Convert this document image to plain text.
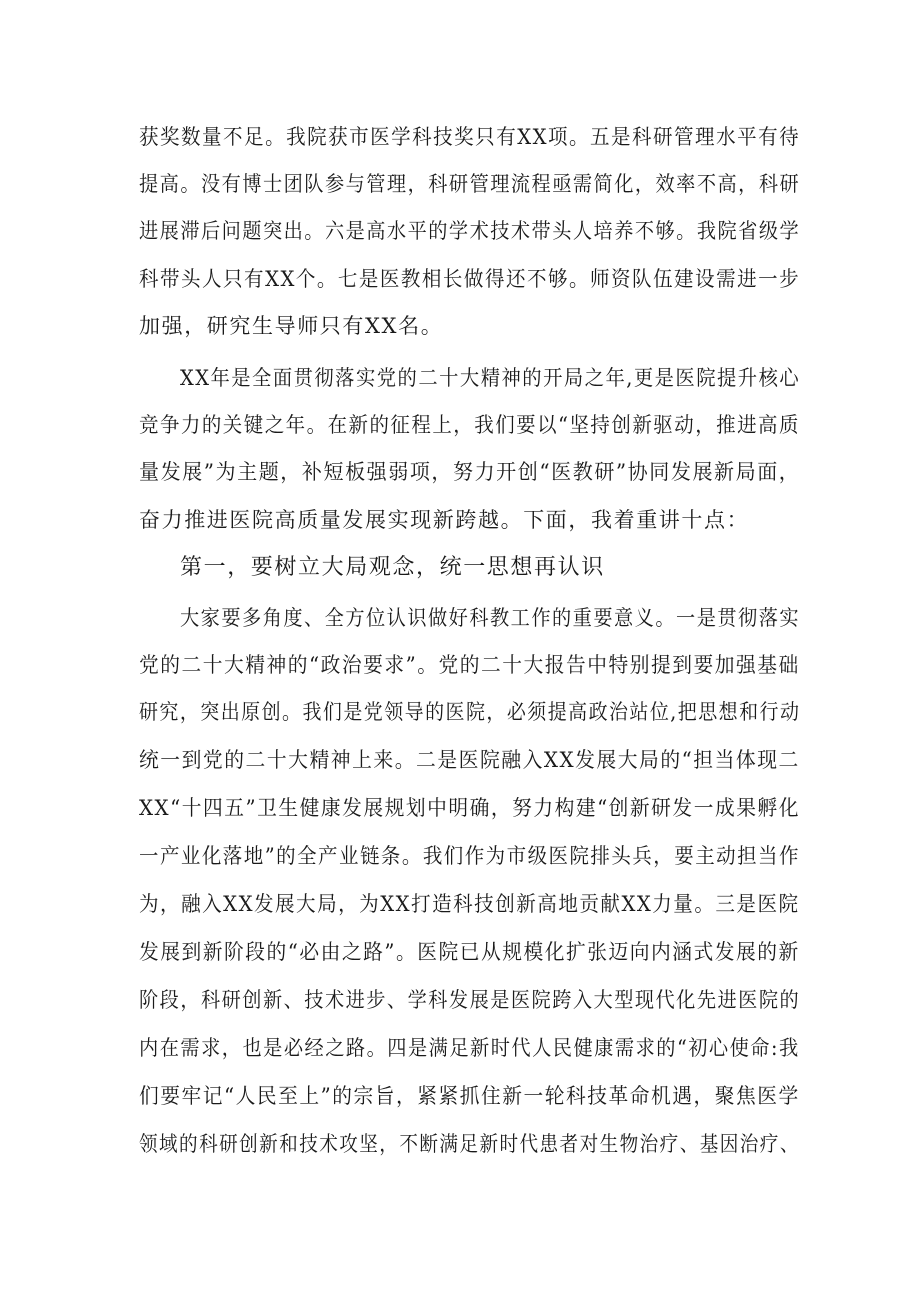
获奖数量不足。我院获市医学科技奖只有XX项。五是科研管理水平有待
提高。没有博士团队参与管理，科研管理流程亟需简化，效率不高，科研
进展滞后问题突出。六是高水平的学术技术带头人培养不够。我院省级学
科带头人只有XX个。七是医教相长做得还不够。师资队伍建设需进一步
加强，研究生导师只有XX名。
XX年是全面贯彻落实党的二十大精神的开局之年,更是医院提升核心
竞争力的关键之年。在新的征程上，我们要以“坚持创新驱动，推进高质
量发展”为主题，补短板强弱项，努力开创“医教研”协同发展新局面，
奋力推进医院高质量发展实现新跨越。下面，我着重讲十点：
第一，要树立大局观念，统一思想再认识
大家要多角度、全方位认识做好科教工作的重要意义。一是贯彻落实
党的二十大精神的“政治要求”。党的二十大报告中特别提到要加强基础
研究，突出原创。我们是党领导的医院，必须提高政治站位,把思想和行动
统一到党的二十大精神上来。二是医院融入XX发展大局的“担当体现二
XX“十四五”卫生健康发展规划中明确，努力构建“创新研发一成果孵化
一产业化落地”的全产业链条。我们作为市级医院排头兵，要主动担当作
为，融入XX发展大局，为XX打造科技创新高地贡献XX力量。三是医院
发展到新阶段的“必由之路”。医院已从规模化扩张迈向内涵式发展的新
阶段，科研创新、技术进步、学科发展是医院跨入大型现代化先进医院的
内在需求，也是必经之路。四是满足新时代人民健康需求的“初心使命:我
们要牢记“人民至上”的宗旨，紧紧抓住新一轮科技革命机遇，聚焦医学
领域的科研创新和技术攻坚，不断满足新时代患者对生物治疗、基因治疗、
